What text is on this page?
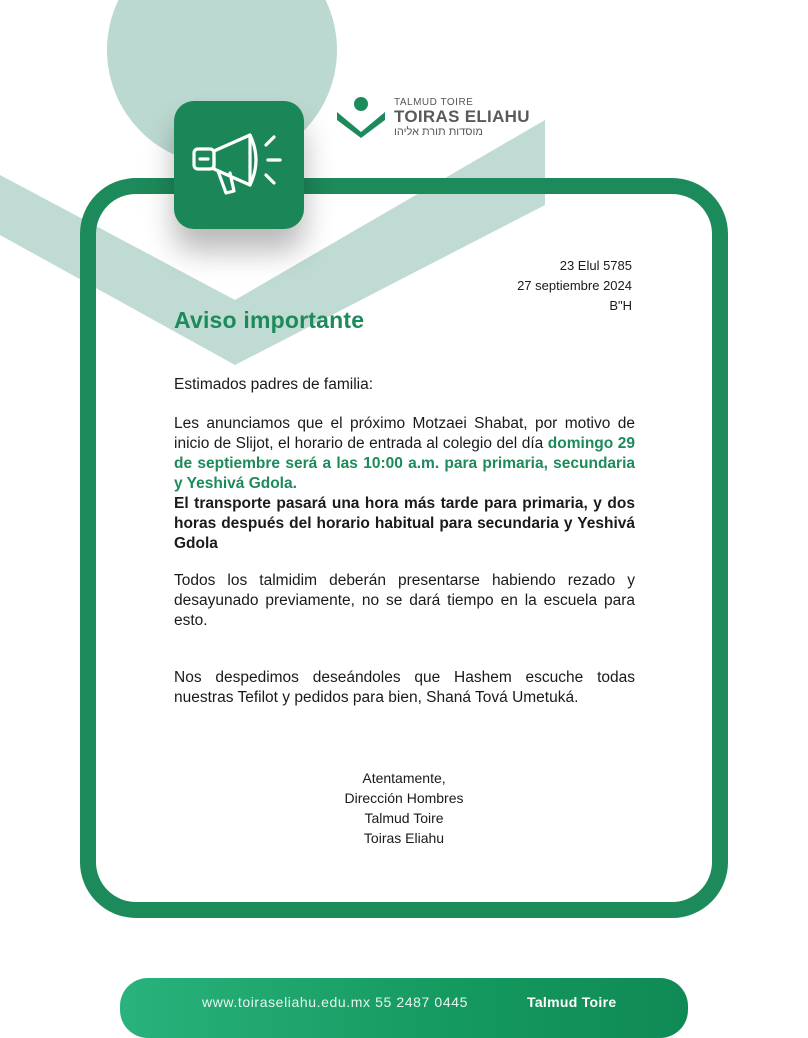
TALMUD TOIRE
TOIRAS ELIAHU
מוסדות תורת אליהו
23 Elul 5785
27 septiembre 2024
B"H
Aviso importante
Estimados padres de familia:
Les anunciamos que el próximo Motzaei Shabat, por motivo de inicio de Slijot, el horario de entrada al colegio del día domingo 29 de septiembre será a las 10:00 a.m. para primaria, secundaria y Yeshivá Gdola.
El transporte pasará una hora más tarde para primaria, y dos horas después del horario habitual para secundaria y Yeshivá Gdola
Todos los talmidim deberán presentarse habiendo rezado y desayunado previamente, no se dará tiempo en la escuela para esto.
Nos despedimos deseándoles que Hashem escuche todas nuestras Tefilot y pedidos para bien, Shaná Tová Umetuká.
Atentamente,
Dirección Hombres
Talmud Toire
Toiras Eliahu
www.toiraseliahu.edu.mx 55 2487 0445	Talmud Toire
